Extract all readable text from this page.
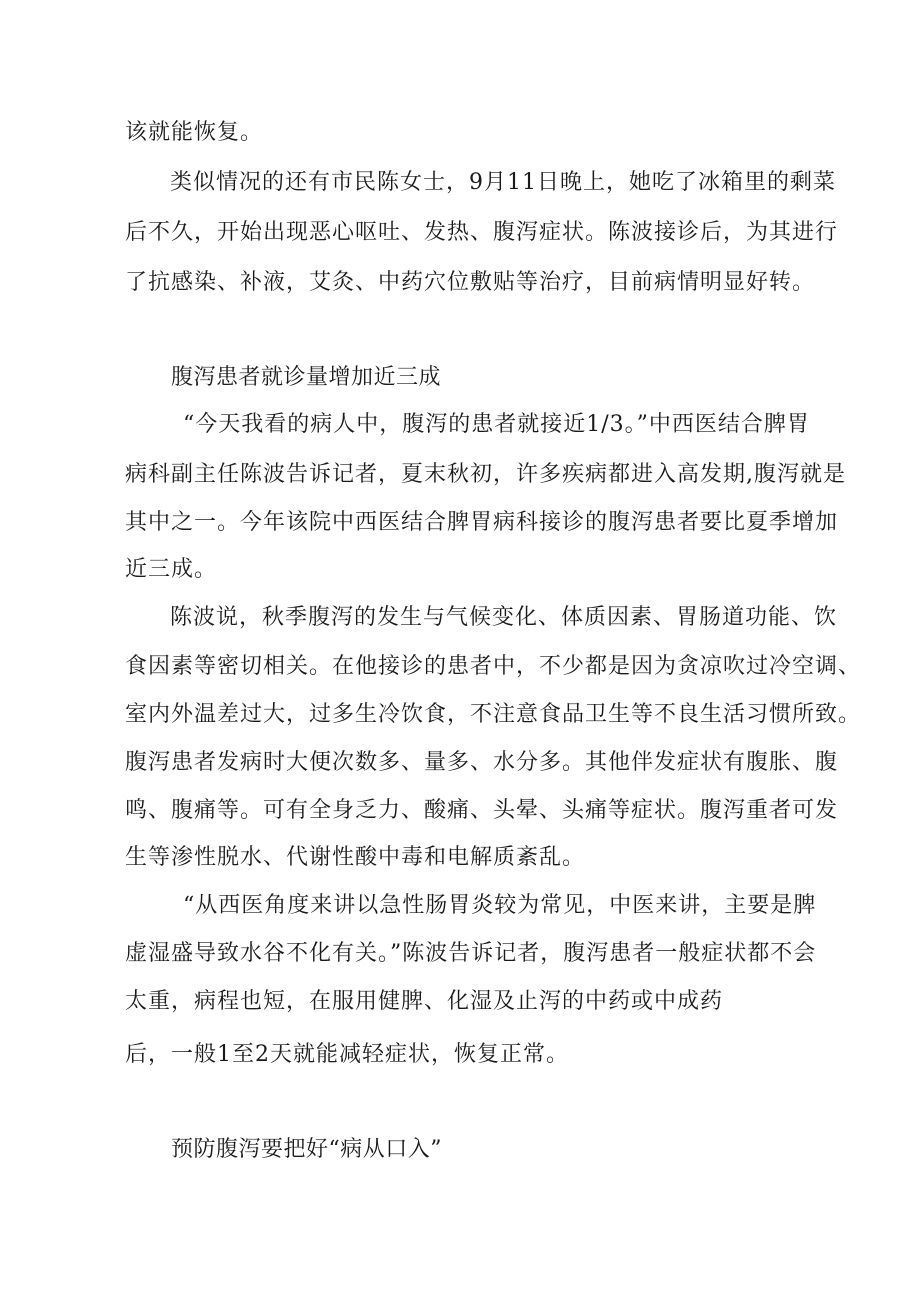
该就能恢复。
类似情况的还有市民陈女士，9月11日晚上，她吃了冰箱里的剩菜
后不久，开始出现恶心呕吐、发热、腹泻症状。陈波接诊后，为其进行
了抗感染、补液，艾灸、中药穴位敷贴等治疗，目前病情明显好转。
腹泻患者就诊量增加近三成
“今天我看的病人中，腹泻的患者就接近1/3。”中西医结合脾胃
病科副主任陈波告诉记者，夏末秋初，许多疾病都进入高发期,腹泻就是
其中之一。今年该院中西医结合脾胃病科接诊的腹泻患者要比夏季增加
近三成。
陈波说，秋季腹泻的发生与气候变化、体质因素、胃肠道功能、饮
食因素等密切相关。在他接诊的患者中，不少都是因为贪凉吹过冷空调、
室内外温差过大，过多生冷饮食，不注意食品卫生等不良生活习惯所致。
腹泻患者发病时大便次数多、量多、水分多。其他伴发症状有腹胀、腹
鸣、腹痛等。可有全身乏力、酸痛、头晕、头痛等症状。腹泻重者可发
生等渗性脱水、代谢性酸中毒和电解质紊乱。
“从西医角度来讲以急性肠胃炎较为常见，中医来讲，主要是脾
虚湿盛导致水谷不化有关。”陈波告诉记者，腹泻患者一般症状都不会
太重，病程也短，在服用健脾、化湿及止泻的中药或中成药
后，一般1至2天就能减轻症状，恢复正常。
预防腹泻要把好“病从口入”
